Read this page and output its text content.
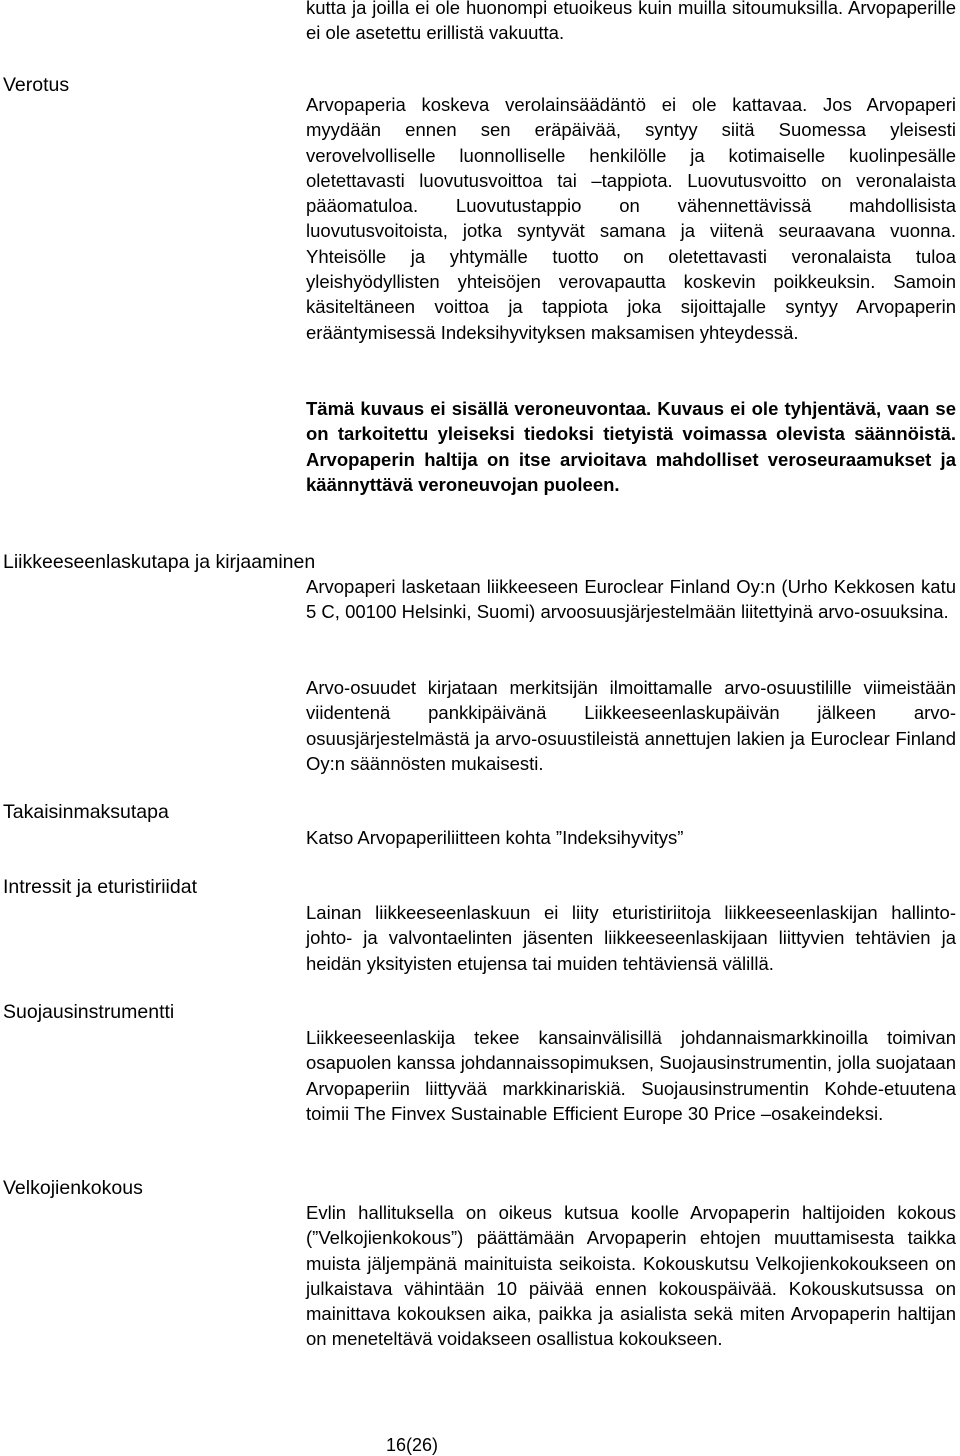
kutta ja joilla ei ole huonompi etuoikeus kuin muilla sitoumuksilla. Arvopaperille ei ole asetettu erillistä vakuutta.

Verotus

Arvopaperia koskeva verolainsäädäntö ei ole kattavaa. Jos Arvopaperi myydään ennen sen eräpäivää, syntyy siitä Suomessa yleisesti verovelvolliselle luonnolliselle henkilölle ja kotimaiselle kuolinpesälle oletettavasti luovutusvoittoa tai –tappiota. Luovutusvoitto on veronalaista pääomatuloa. Luovutustappio on vähennettävissä mahdollisista luovutusvoitoista, jotka syntyvät samana ja viitenä seuraavana vuonna. Yhteisölle ja yhtymälle tuotto on oletettavasti veronalaista tuloa yleishyödyllisten yhteisöjen verovapautta koskevin poikkeuksin. Samoin käsiteltäneen voittoa ja tappiota joka sijoittajalle syntyy Arvopaperin erääntymisessä Indeksihyvityksen maksamisen yhteydessä.

Tämä kuvaus ei sisällä veroneuvontaa. Kuvaus ei ole tyhjentävä, vaan se on tarkoitettu yleiseksi tiedoksi tietyistä voimassa olevista säännöistä. Arvopaperin haltija on itse arvioitava mahdolliset veroseuraamukset ja käännyttävä veroneuvojan puoleen.

Liikkeeseenlaskutapa ja kirjaaminen

Arvopaperi lasketaan liikkeeseen Euroclear Finland Oy:n (Urho Kekkosen katu 5 C, 00100 Helsinki, Suomi) arvoosuusjärjestelmään liitettyinä arvo-osuuksina.

Arvo-osuudet kirjataan merkitsijän ilmoittamalle arvo-osuustilille viimeistään viidentenä pankkipäivänä Liikkeeseenlaskupäivän jälkeen arvo-osuusjärjestelmästä ja arvo-osuustileistä annettujen lakien ja Euroclear Finland Oy:n säännösten mukaisesti.

Takaisinmaksutapa

Katso Arvopaperiliitteen kohta ”Indeksihyvitys”

Intressit ja eturistiriidat

Lainan liikkeeseenlaskuun ei liity eturistiriitoja liikkeeseenlaskijan hallinto- johto- ja valvontaelinten jäsenten liikkeeseenlaskijaan liittyvien tehtävien ja heidän yksityisten etujensa tai muiden tehtäviensä välillä.

Suojausinstrumentti

Liikkeeseenlaskija tekee kansainvälisillä johdannaismarkkinoilla toimivan osapuolen kanssa johdannaissopimuksen, Suojausinstrumentin, jolla suojataan Arvopaperiin liittyvää markkinariskiä. Suojausinstrumentin Kohde-etuutena toimii The Finvex Sustainable Efficient Europe 30 Price –osakeindeksi.

Velkojienkokous

Evlin hallituksella on oikeus kutsua koolle Arvopaperin haltijoiden kokous (”Velkojienkokous”) päättämään Arvopaperin ehtojen muuttamisesta taikka muista jäljempänä mainituista seikoista. Kokouskutsu Velkojienkokoukseen on julkaistava vähintään 10 päivää ennen kokouspäivää. Kokouskutsussa on mainittava kokouksen aika, paikka ja asialista sekä miten Arvopaperin haltijan on meneteltävä voidakseen osallistua kokoukseen.

16(26)
